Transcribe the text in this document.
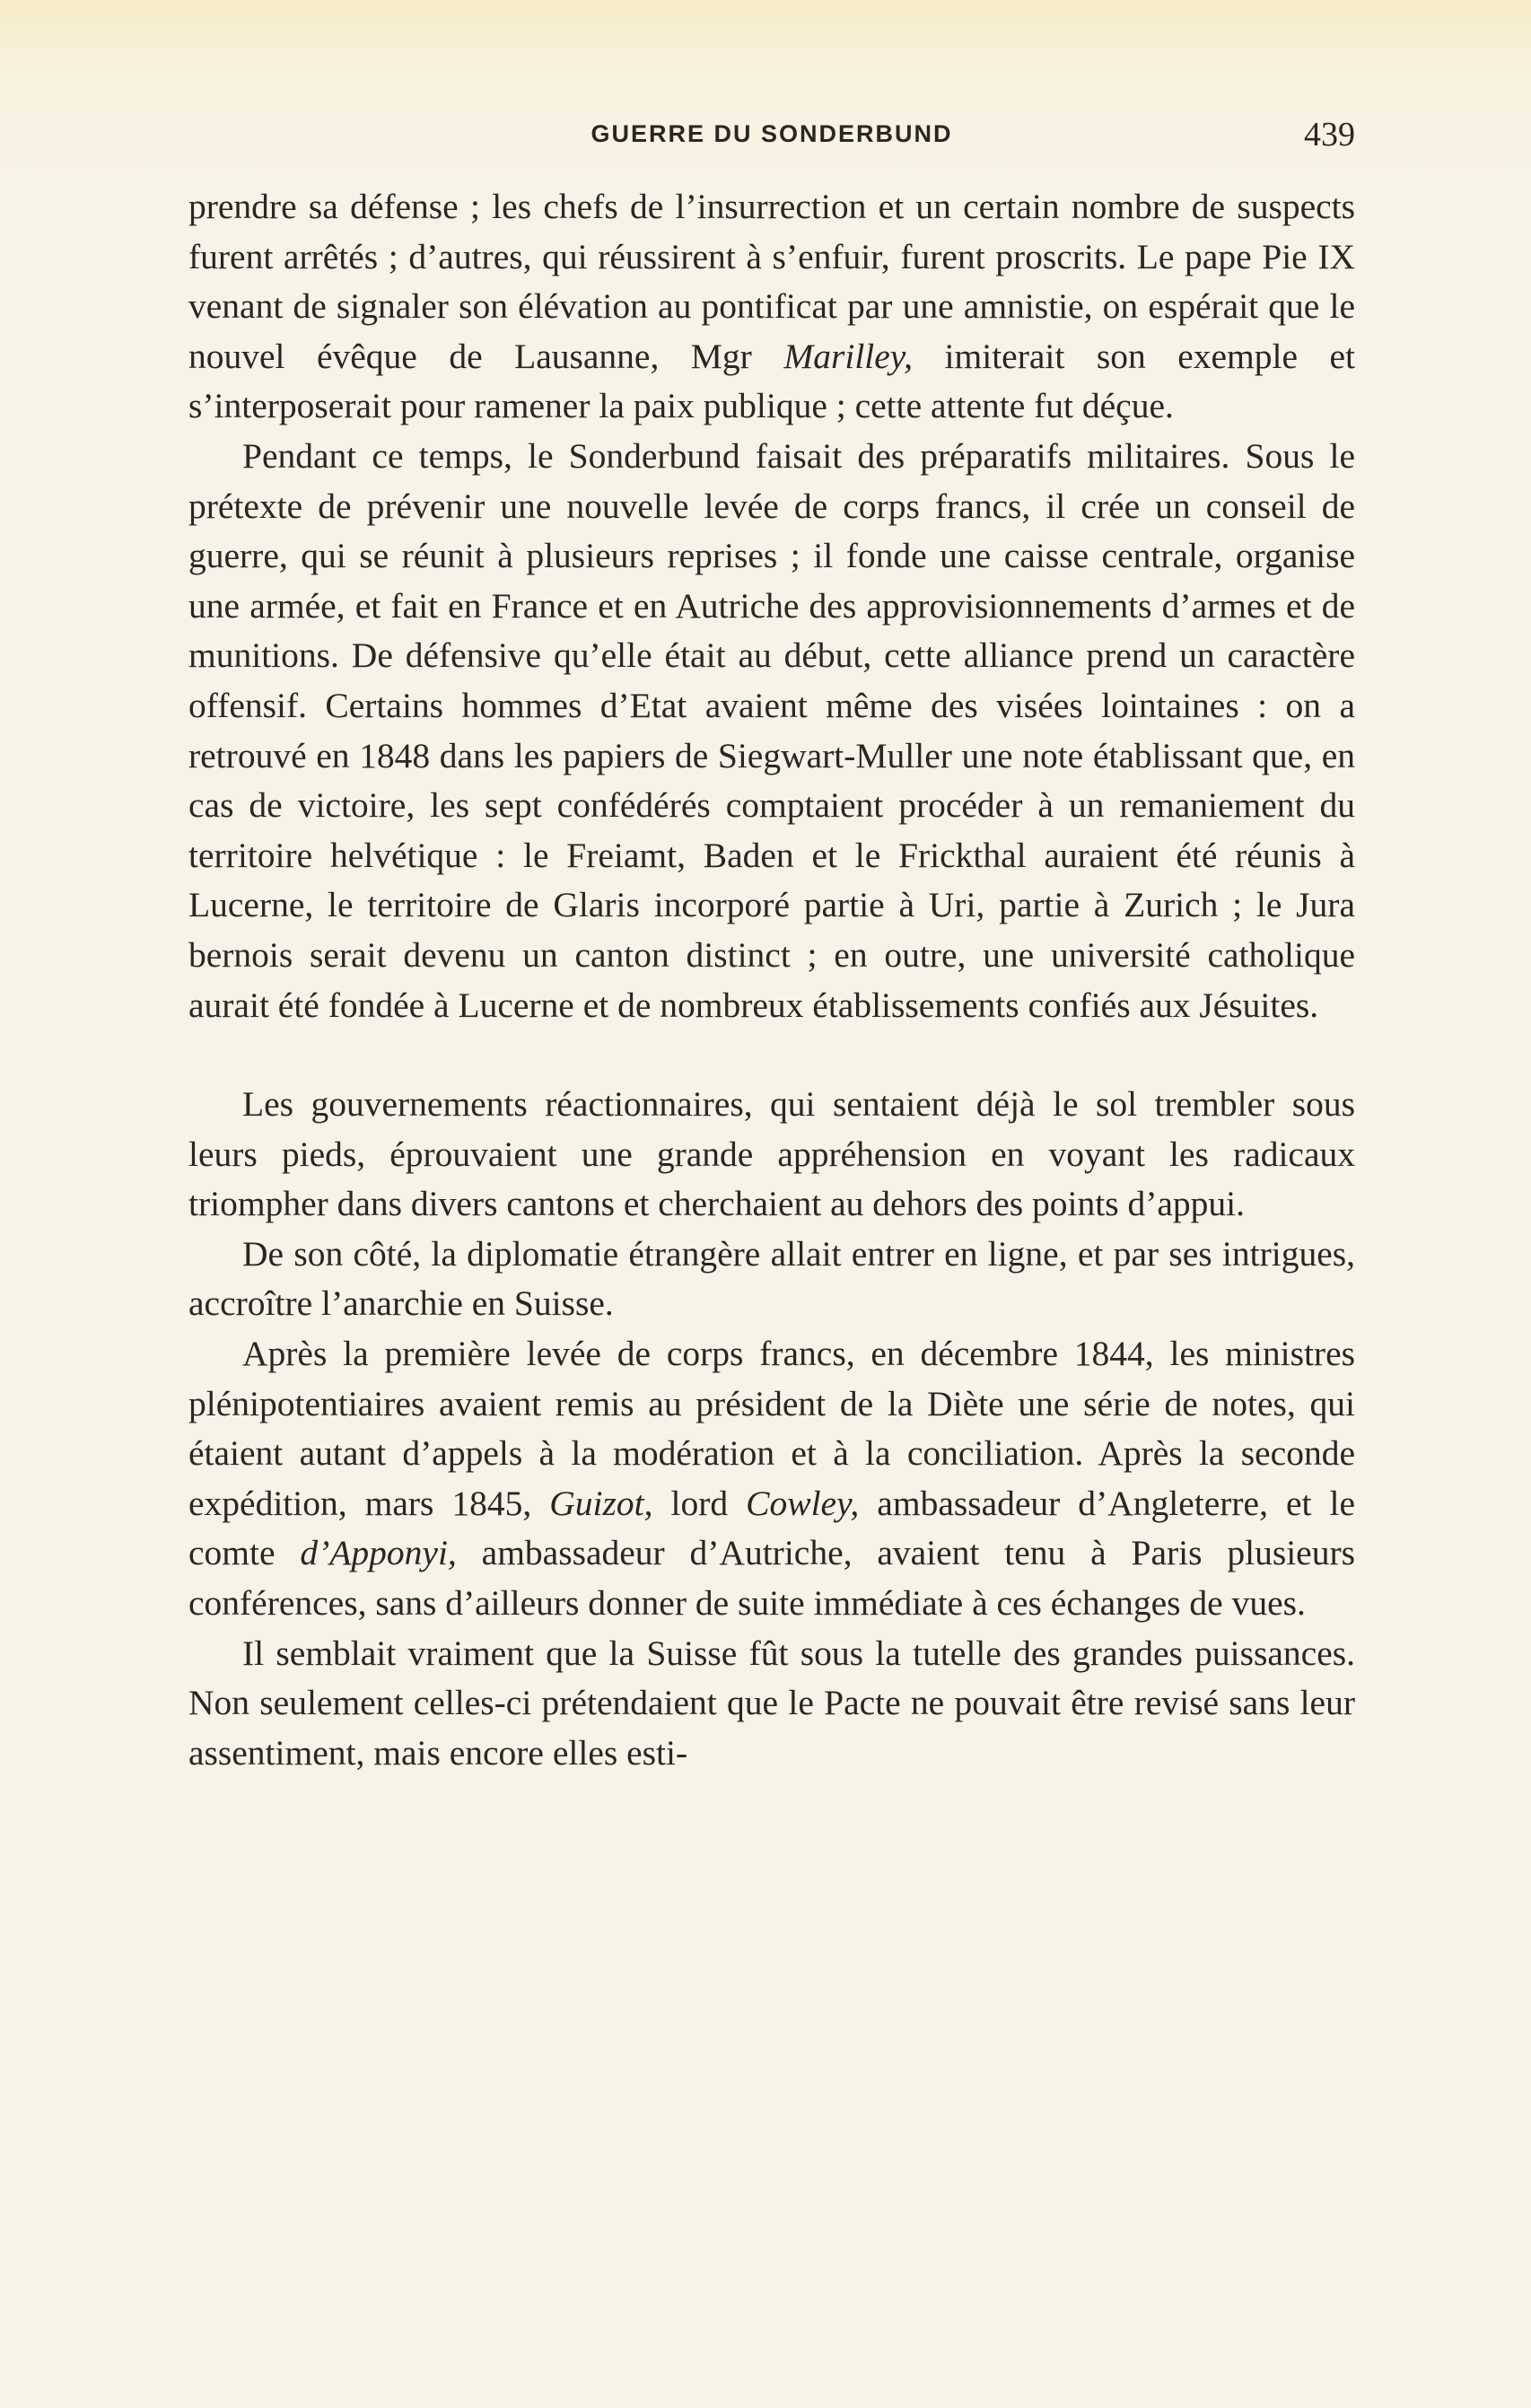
GUERRE DU SONDERBUND	439

prendre sa défense ; les chefs de l’insurrection et un certain nombre de suspects furent arrêtés ; d’autres, qui réussirent à s’enfuir, furent proscrits. Le pape Pie IX venant de signaler son élévation au pontificat par une amnistie, on espérait que le nouvel évêque de Lausanne, Mgr Marilley, imiterait son exemple et s’interposerait pour ramener la paix publique ; cette attente fut déçue.

Pendant ce temps, le Sonderbund faisait des préparatifs militaires. Sous le prétexte de prévenir une nouvelle levée de corps francs, il crée un conseil de guerre, qui se réunit à plusieurs reprises ; il fonde une caisse centrale, organise une armée, et fait en France et en Autriche des approvisionnements d’armes et de munitions. De défensive qu’elle était au début, cette alliance prend un caractère offensif. Certains hommes d’Etat avaient même des visées lointaines : on a retrouvé en 1848 dans les papiers de Siegwart-Muller une note établissant que, en cas de victoire, les sept confédérés comptaient procéder à un remaniement du territoire helvétique : le Freiamt, Baden et le Frickthal auraient été réunis à Lucerne, le territoire de Glaris incorporé partie à Uri, partie à Zurich ; le Jura bernois serait devenu un canton distinct ; en outre, une université catholique aurait été fondée à Lucerne et de nombreux établissements confiés aux Jésuites.

Les gouvernements réactionnaires, qui sentaient déjà le sol trembler sous leurs pieds, éprouvaient une grande appréhension en voyant les radicaux triompher dans divers cantons et cherchaient au dehors des points d’appui.

De son côté, la diplomatie étrangère allait entrer en ligne, et par ses intrigues, accroître l’anarchie en Suisse.

Après la première levée de corps francs, en décembre 1844, les ministres plénipotentiaires avaient remis au président de la Diète une série de notes, qui étaient autant d’appels à la modération et à la conciliation. Après la seconde expédition, mars 1845, Guizot, lord Cowley, ambassadeur d’Angleterre, et le comte d’Apponyi, ambassadeur d’Autriche, avaient tenu à Paris plusieurs conférences, sans d’ailleurs donner de suite immédiate à ces échanges de vues.

Il semblait vraiment que la Suisse fût sous la tutelle des grandes puissances. Non seulement celles-ci prétendaient que le Pacte ne pouvait être revisé sans leur assentiment, mais encore elles esti-
